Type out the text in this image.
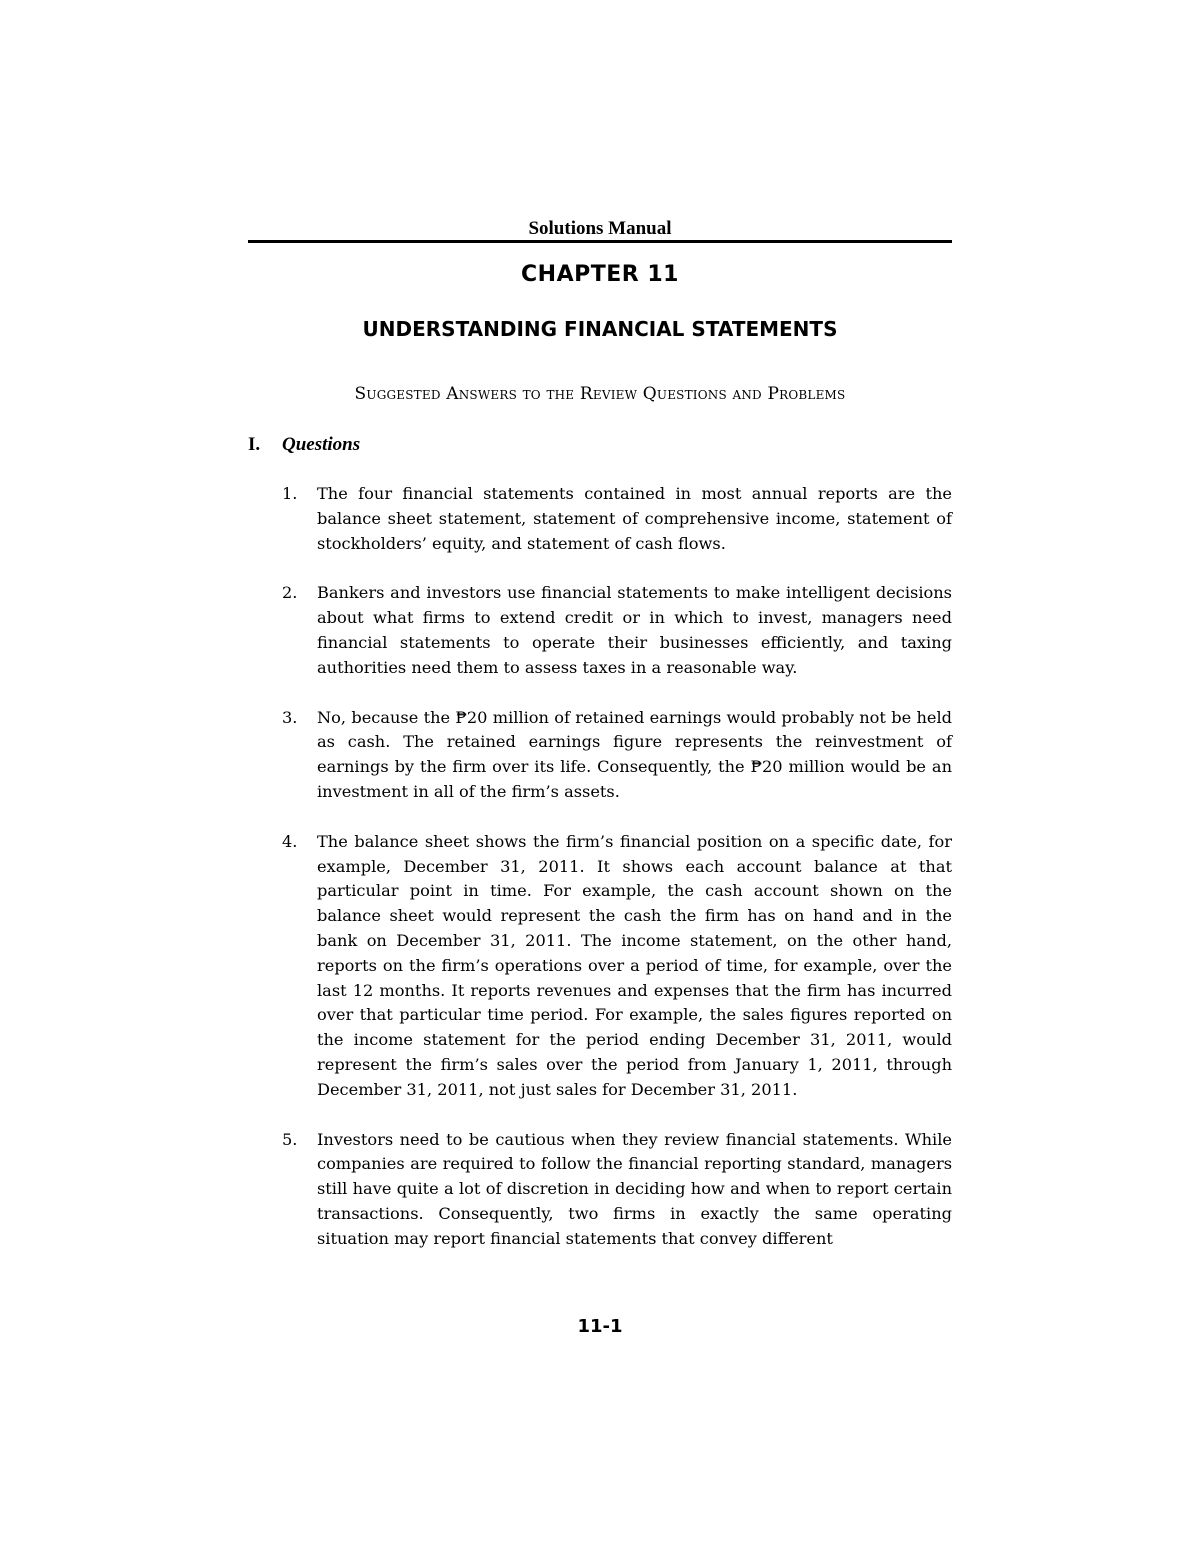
Solutions Manual
CHAPTER 11
UNDERSTANDING FINANCIAL STATEMENTS
Suggested Answers to the Review Questions and Problems
I. Questions
1. The four financial statements contained in most annual reports are the balance sheet statement, statement of comprehensive income, statement of stockholders’ equity, and statement of cash flows.
2. Bankers and investors use financial statements to make intelligent decisions about what firms to extend credit or in which to invest, managers need financial statements to operate their businesses efficiently, and taxing authorities need them to assess taxes in a reasonable way.
3. No, because the ₱20 million of retained earnings would probably not be held as cash. The retained earnings figure represents the reinvestment of earnings by the firm over its life. Consequently, the ₱20 million would be an investment in all of the firm’s assets.
4. The balance sheet shows the firm’s financial position on a specific date, for example, December 31, 2011. It shows each account balance at that particular point in time. For example, the cash account shown on the balance sheet would represent the cash the firm has on hand and in the bank on December 31, 2011. The income statement, on the other hand, reports on the firm’s operations over a period of time, for example, over the last 12 months. It reports revenues and expenses that the firm has incurred over that particular time period. For example, the sales figures reported on the income statement for the period ending December 31, 2011, would represent the firm’s sales over the period from January 1, 2011, through December 31, 2011, not just sales for December 31, 2011.
5. Investors need to be cautious when they review financial statements. While companies are required to follow the financial reporting standard, managers still have quite a lot of discretion in deciding how and when to report certain transactions. Consequently, two firms in exactly the same operating situation may report financial statements that convey different
11-1
